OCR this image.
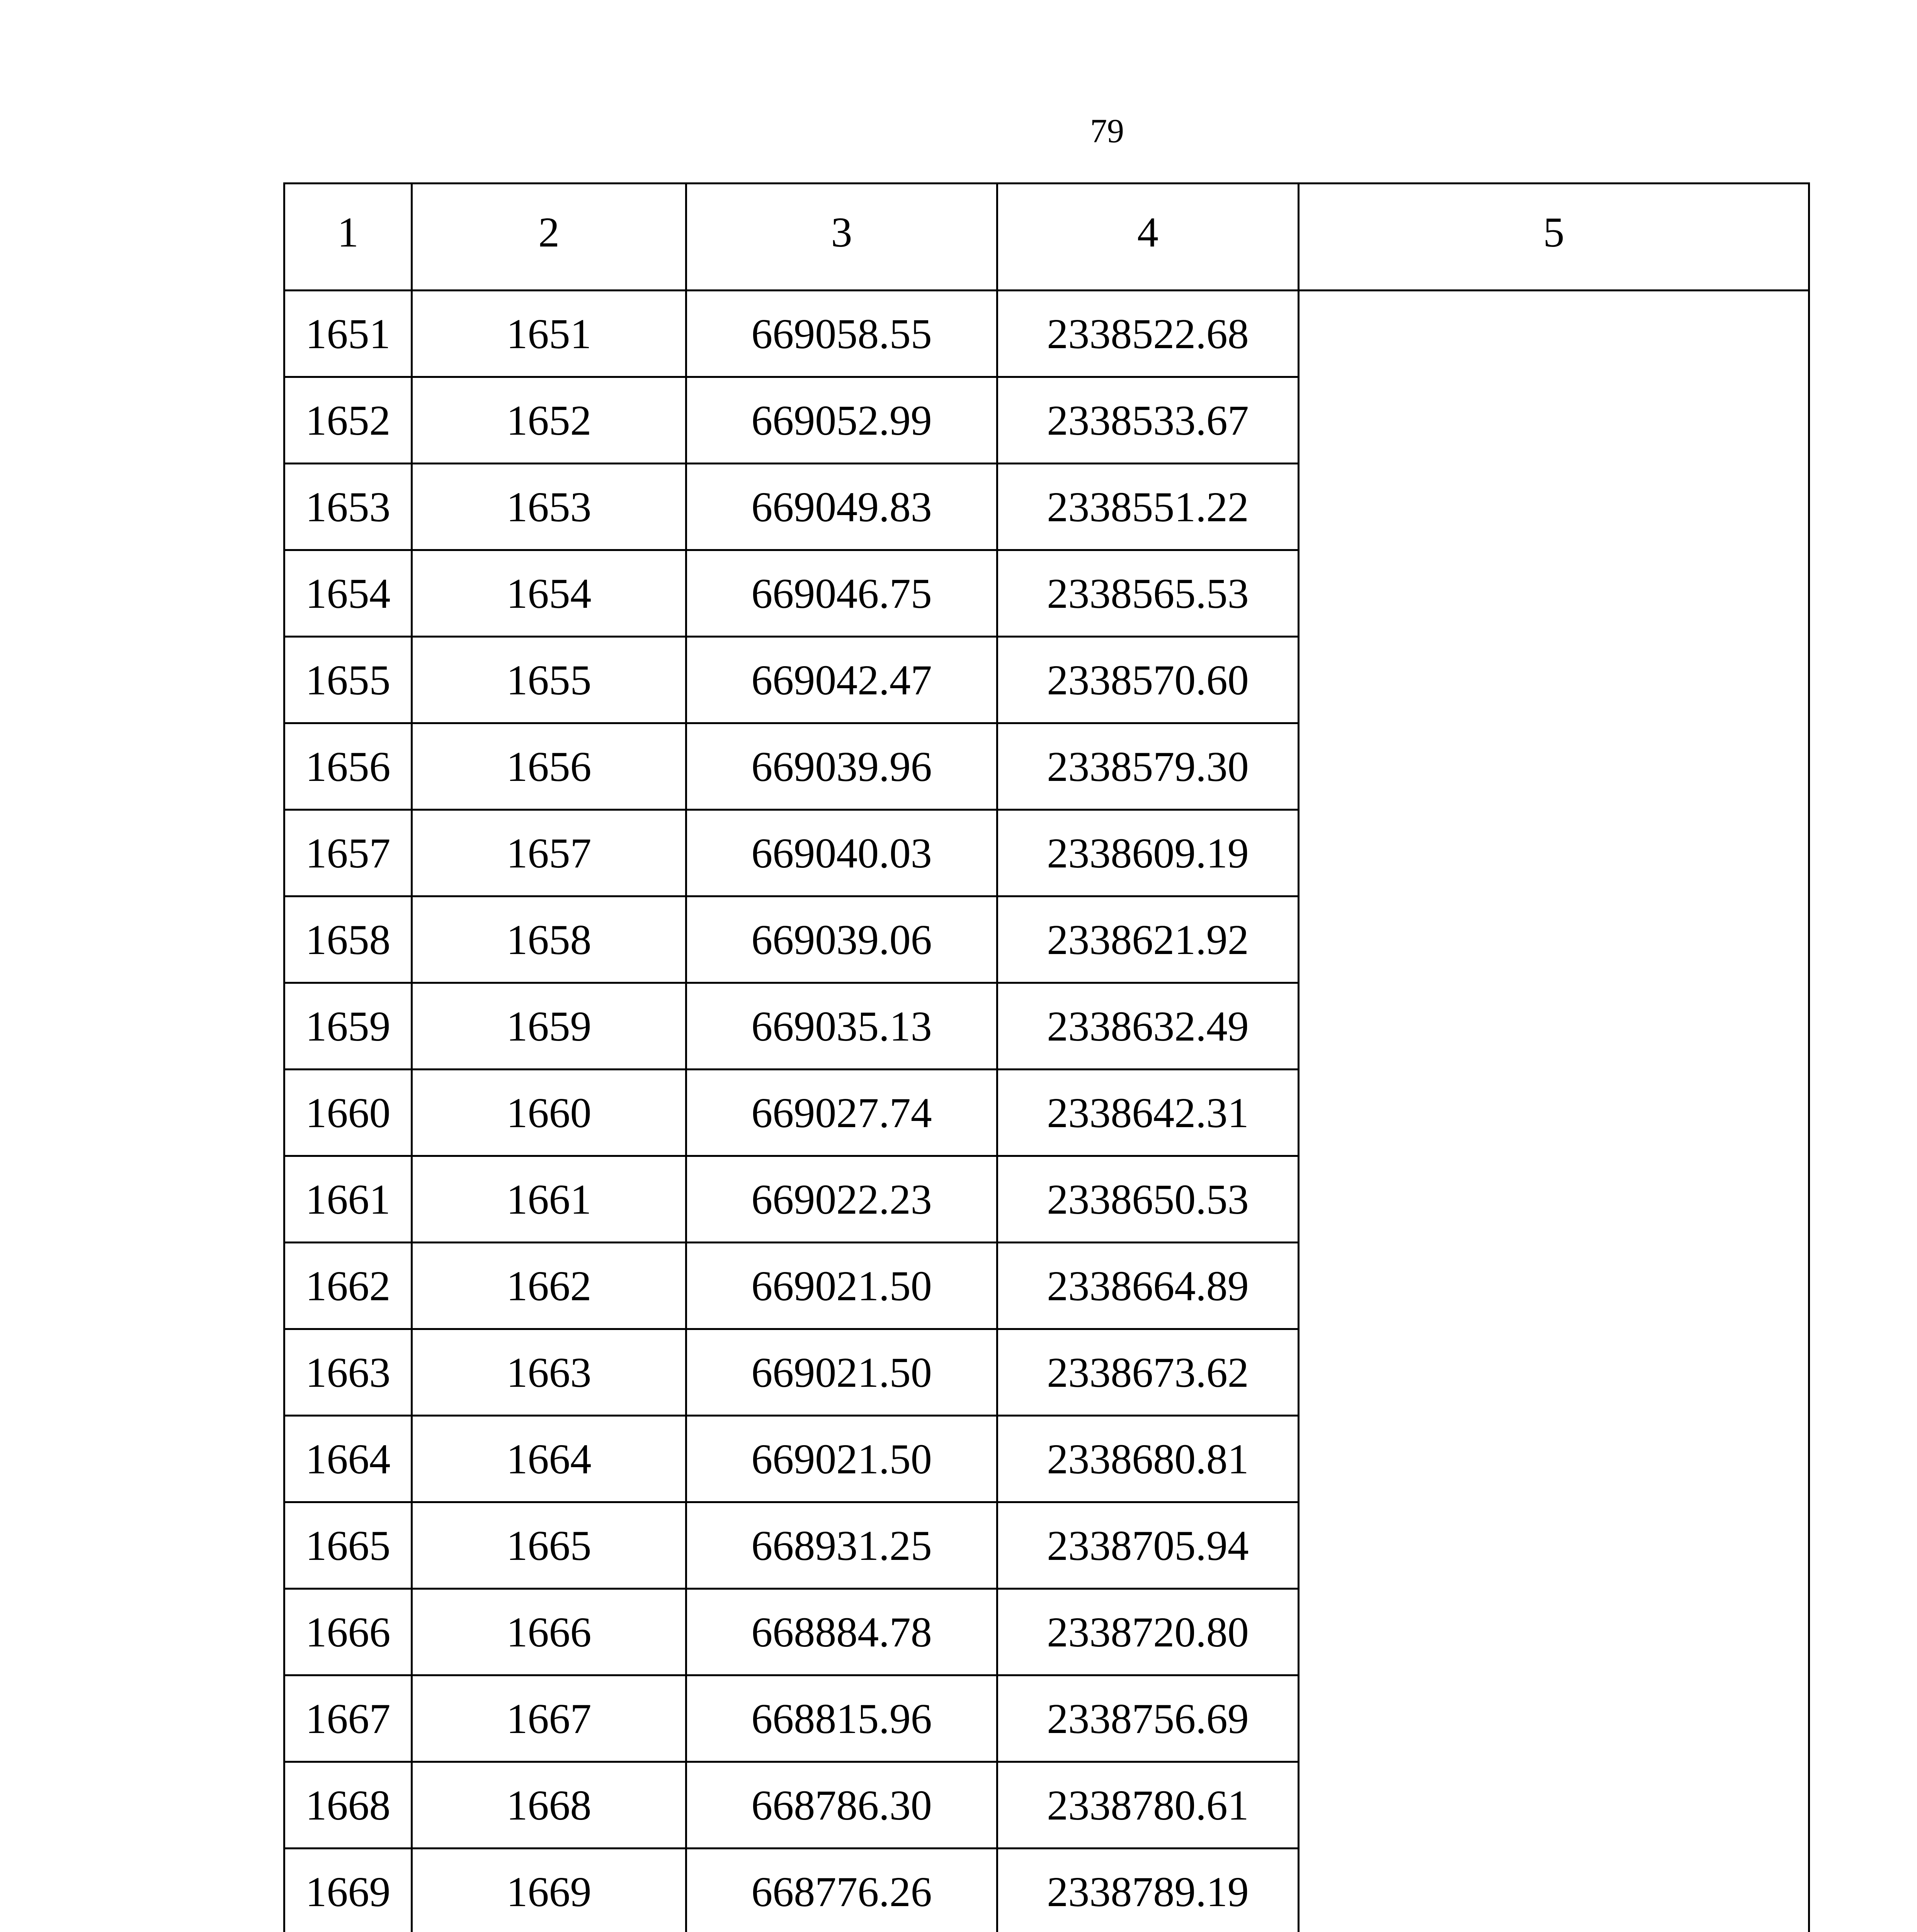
79
1	2	3	4	5
1651	1651	669058.55	2338522.68	
1652	1652	669052.99	2338533.67	
1653	1653	669049.83	2338551.22	
1654	1654	669046.75	2338565.53	
1655	1655	669042.47	2338570.60	
1656	1656	669039.96	2338579.30	
1657	1657	669040.03	2338609.19	
1658	1658	669039.06	2338621.92	
1659	1659	669035.13	2338632.49	
1660	1660	669027.74	2338642.31	
1661	1661	669022.23	2338650.53	
1662	1662	669021.50	2338664.89	
1663	1663	669021.50	2338673.62	
1664	1664	669021.50	2338680.81	
1665	1665	668931.25	2338705.94	
1666	1666	668884.78	2338720.80	
1667	1667	668815.96	2338756.69	
1668	1668	668786.30	2338780.61	
1669	1669	668776.26	2338789.19	
